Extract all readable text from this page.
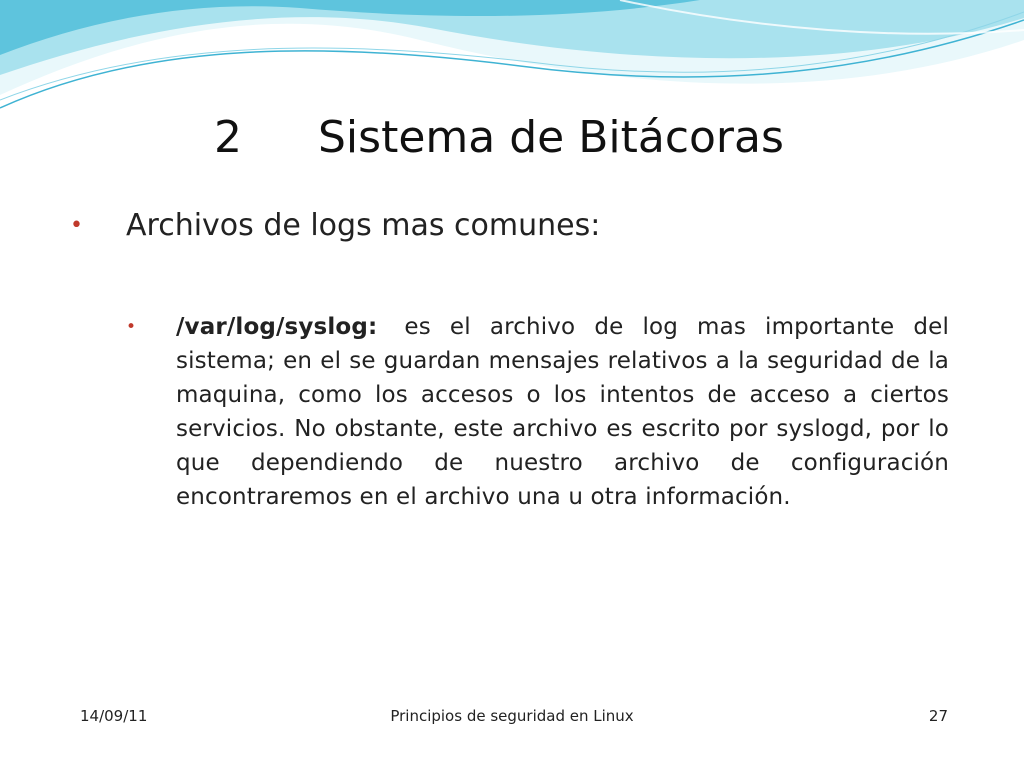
2 Sistema de Bitácoras
• Archivos de logs mas comunes:
• /var/log/syslog: es el archivo de log mas importante del sistema; en el se guardan mensajes relativos a la seguridad de la maquina, como los accesos o los intentos de acceso a ciertos servicios. No obstante, este archivo es escrito por syslogd, por lo que dependiendo de nuestro archivo de configuración encontraremos en el archivo una u otra información.
14/09/11	Principios de seguridad en Linux	27
